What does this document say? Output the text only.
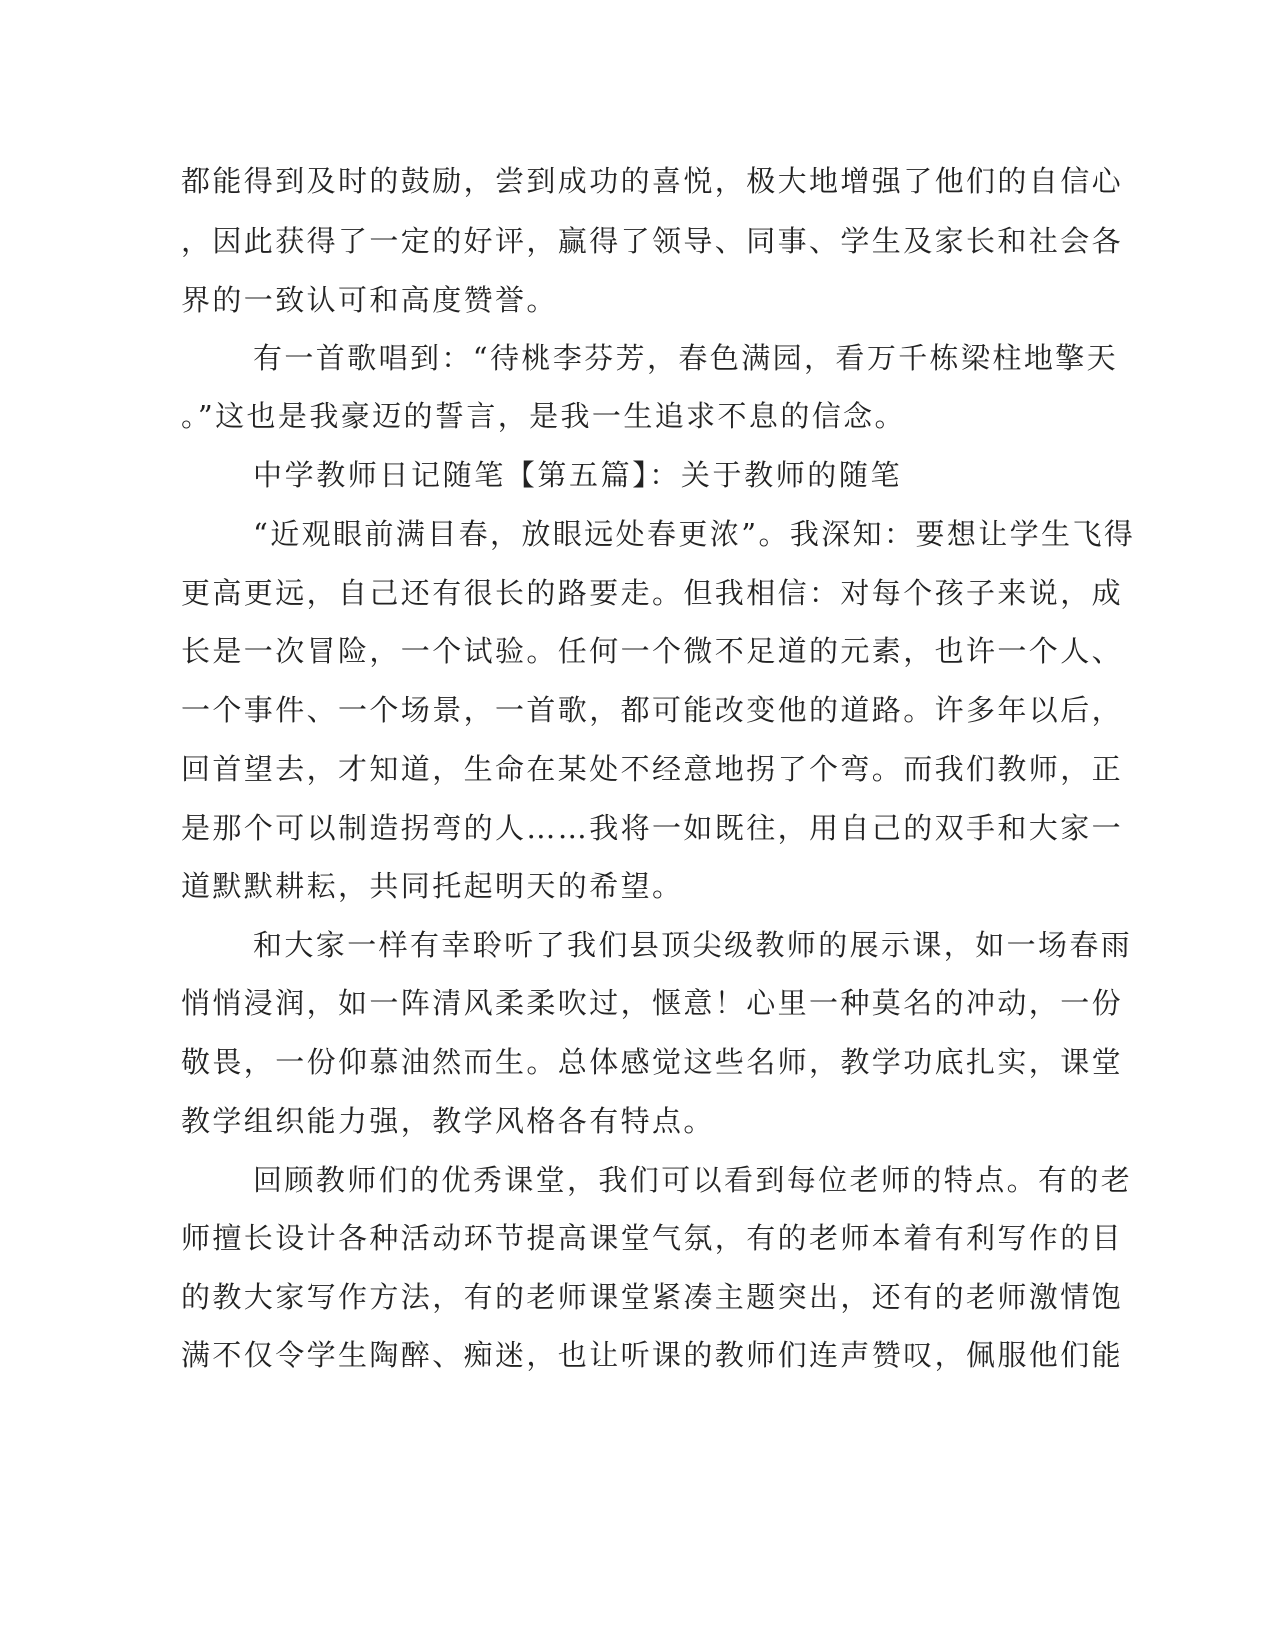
都能得到及时的鼓励，尝到成功的喜悦，极大地增强了他们的自信心
，因此获得了一定的好评，赢得了领导、同事、学生及家长和社会各
界的一致认可和高度赞誉。
有一首歌唱到：“待桃李芬芳，春色满园，看万千栋梁柱地擎天
。”这也是我豪迈的誓言，是我一生追求不息的信念。
中学教师日记随笔【第五篇】：关于教师的随笔
“近观眼前满目春，放眼远处春更浓”。我深知：要想让学生飞得
更高更远，自己还有很长的路要走。但我相信：对每个孩子来说，成
长是一次冒险，一个试验。任何一个微不足道的元素，也许一个人、
一个事件、一个场景，一首歌，都可能改变他的道路。许多年以后，
回首望去，才知道，生命在某处不经意地拐了个弯。而我们教师，正
是那个可以制造拐弯的人……我将一如既往，用自己的双手和大家一
道默默耕耘，共同托起明天的希望。
和大家一样有幸聆听了我们县顶尖级教师的展示课，如一场春雨
悄悄浸润，如一阵清风柔柔吹过，惬意！心里一种莫名的冲动，一份
敬畏，一份仰慕油然而生。总体感觉这些名师，教学功底扎实，课堂
教学组织能力强，教学风格各有特点。
回顾教师们的优秀课堂，我们可以看到每位老师的特点。有的老
师擅长设计各种活动环节提高课堂气氛，有的老师本着有利写作的目
的教大家写作方法，有的老师课堂紧凑主题突出，还有的老师激情饱
满不仅令学生陶醉、痴迷，也让听课的教师们连声赞叹，佩服他们能
